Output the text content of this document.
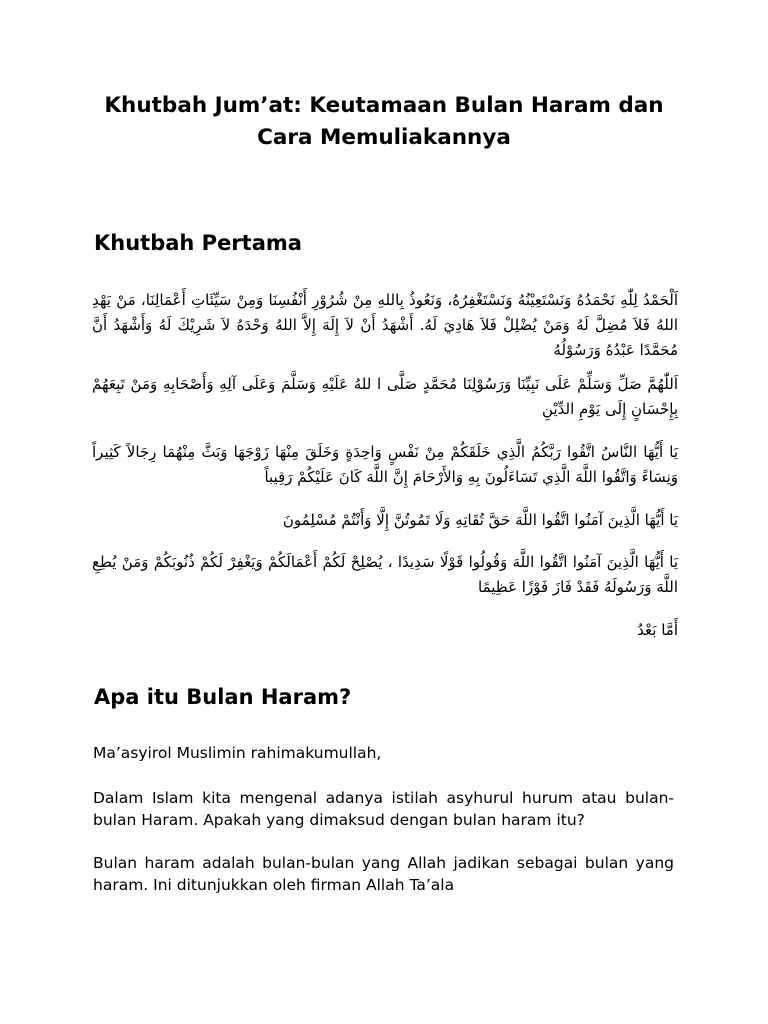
Khutbah Jum’at: Keutamaan Bulan Haram dan Cara Memuliakannya
Khutbah Pertama

اَلْحَمْدُ لِلّٰهِ نَحْمَدُهُ وَنَسْتَعِيْنُهُ وَنَسْتَغْفِرُهُ، وَنَعُوذُ بِاللهِ مِنْ شُرُوْرِ أَنْفُسِنَا وَمِنْ سَيِّئَاتِ أَعْمَالِنَا، مَنْ يَهْدِ اللهُ فَلاَ مُضِلَّ لَهُ وَمَنْ يُضْلِلْ فَلاَ هَادِيَ لَهُ. أَشْهَدُ أَنْ لاَ إِلَهَ إِلاَّ اللهُ وَحْدَهُ لاَ شَرِيْكَ لَهُ وَأَشْهَدُ أَنَّ مُحَمَّدًا عَبْدُهُ وَرَسُوْلُهُ

اَللّٰهُمَّ صَلِّ وَسَلِّمْ عَلَى نَبِيِّنَا وَرَسُوْلِنَا مُحَمَّدٍ صَلَّى ا للهُ عَلَيْهِ وَسَلَّمَ وَعَلَى آلِهِ وَأَصْحَابِهِ وَمَنْ تَبِعَهُمْ بِإِحْسَانٍ إِلَى يَوْمِ الدِّيْنِ

يَا أَيُّهَا النَّاسُ اتَّقُوا رَبَّكُمُ الَّذِي خَلَقَكُمْ مِنْ نَفْسٍ وَاحِدَةٍ وَخَلَقَ مِنْهَا زَوْجَهَا وَبَثَّ مِنْهُمَا رِجَالاً كَثِيراً وَنِسَاءً وَاتَّقُوا اللَّهَ الَّذِي تَسَاءَلُونَ بِهِ وَالأَرْحَامَ إِنَّ اللَّهَ كَانَ عَلَيْكُمْ رَقِيباً

يَا أَيُّهَا الَّذِينَ آمَنُوا اتَّقُوا اللَّهَ حَقَّ تُقَاتِهِ وَلَا تَمُوتُنَّ إِلَّا وَأَنْتُمْ مُسْلِمُونَ

يَا أَيُّهَا الَّذِينَ آمَنُوا اتَّقُوا اللَّهَ وَقُولُوا قَوْلًا سَدِيدًا ، يُصْلِحْ لَكُمْ أَعْمَالَكُمْ وَيَغْفِرْ لَكُمْ ذُنُوبَكُمْ وَمَنْ يُطِعِ اللَّهَ وَرَسُولَهُ فَقَدْ فَازَ فَوْزًا عَظِيمًا

أَمَّا بَعْدُ

Apa itu Bulan Haram?

Ma’asyirol Muslimin rahimakumullah,

Dalam Islam kita mengenal adanya istilah asyhurul hurum atau bulan-bulan Haram. Apakah yang dimaksud dengan bulan haram itu?

Bulan haram adalah bulan-bulan yang Allah jadikan sebagai bulan yang haram. Ini ditunjukkan oleh firman Allah Ta’ala
